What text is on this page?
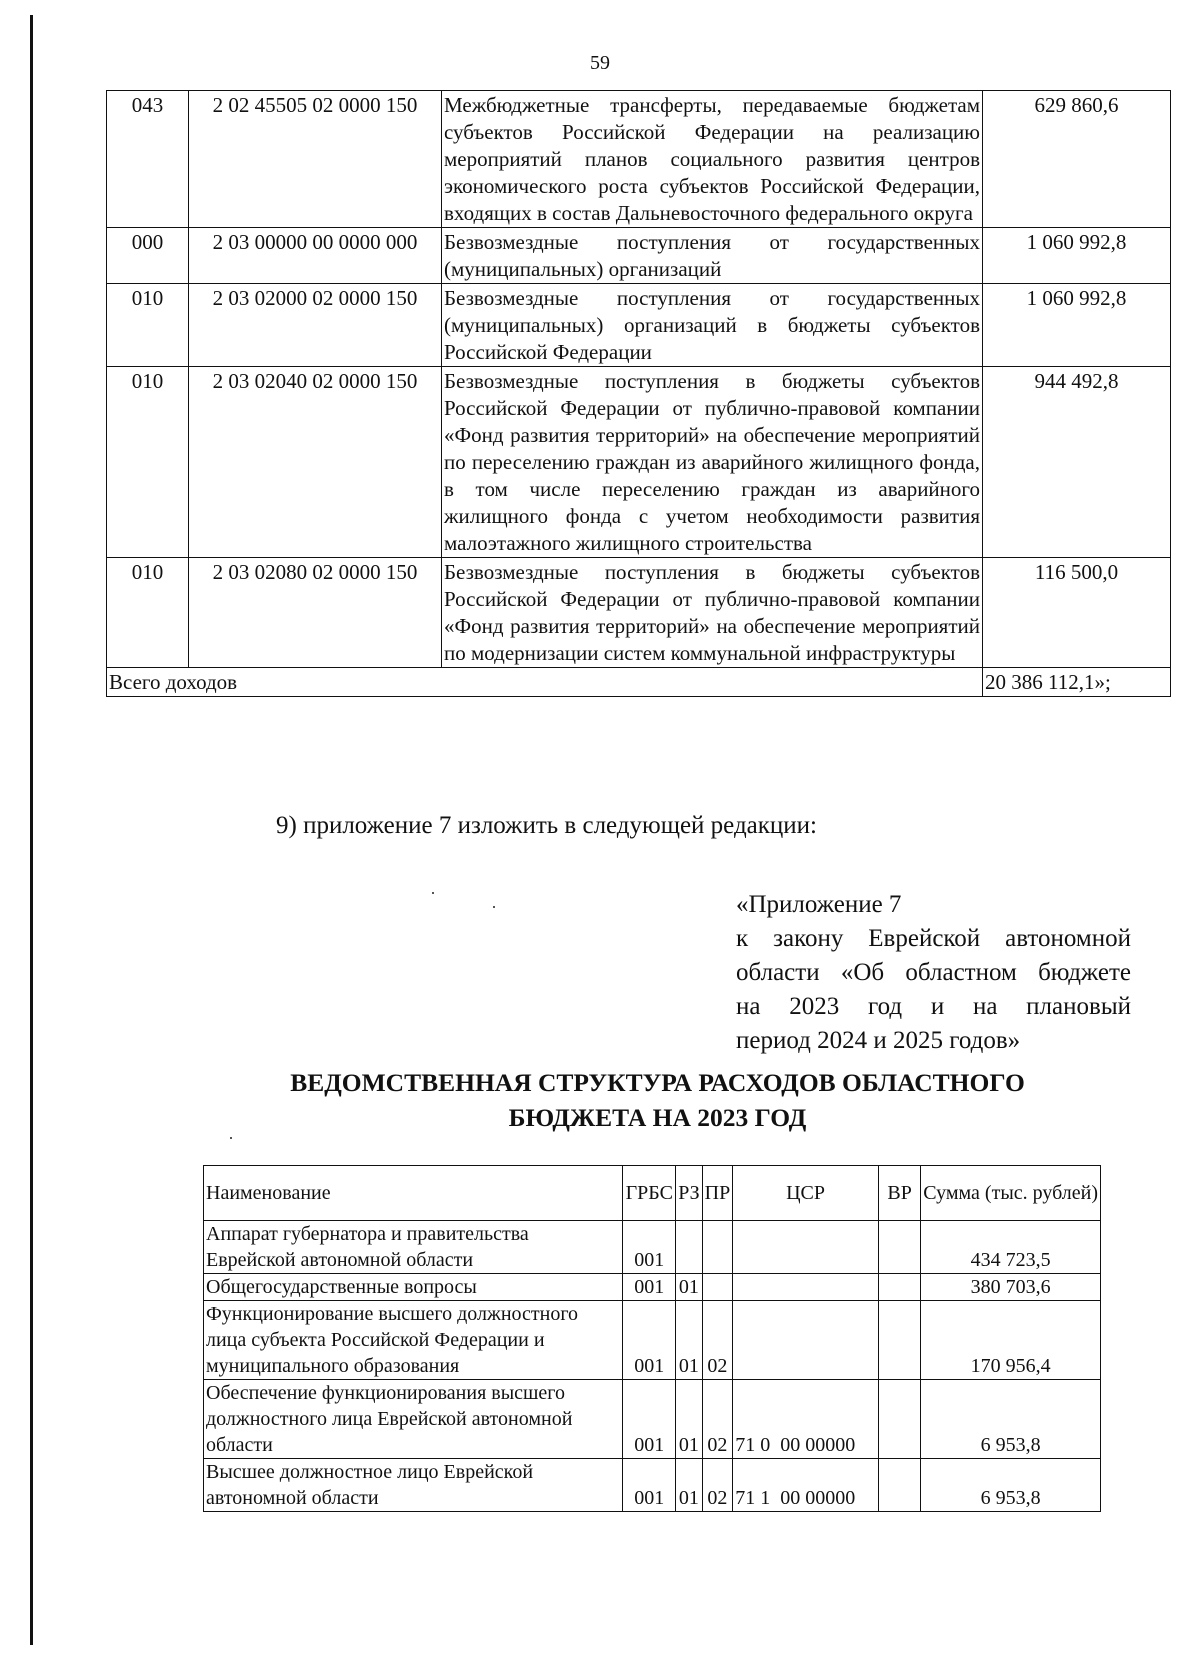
59
043	2 02 45505 02 0000 150	Межбюджетные трансферты, передаваемые бюджетам субъектов Российской Федерации на реализацию мероприятий планов социального развития центров экономического роста субъектов Российской Федерации, входящих в состав Дальневосточного федерального округа	629 860,6
000	2 03 00000 00 0000 000	Безвозмездные поступления от государственных (муниципальных) организаций	1 060 992,8
010	2 03 02000 02 0000 150	Безвозмездные поступления от государственных (муниципальных) организаций в бюджеты субъектов Российской Федерации	1 060 992,8
010	2 03 02040 02 0000 150	Безвозмездные поступления в бюджеты субъектов Российской Федерации от публично-правовой компании «Фонд развития территорий» на обеспечение мероприятий по переселению граждан из аварийного жилищного фонда, в том числе переселению граждан из аварийного жилищного фонда с учетом необходимости развития малоэтажного жилищного строительства	944 492,8
010	2 03 02080 02 0000 150	Безвозмездные поступления в бюджеты субъектов Российской Федерации от публично-правовой компании «Фонд развития территорий» на обеспечение мероприятий по модернизации систем коммунальной инфраструктуры	116 500,0
Всего доходов			20 386 112,1»;
9) приложение 7 изложить в следующей редакции:
«Приложение 7
к закону Еврейской автономной
области «Об областном бюджете
на 2023 год и на плановый
период 2024 и 2025 годов»
ВЕДОМСТВЕННАЯ СТРУКТУРА РАСХОДОВ ОБЛАСТНОГО
БЮДЖЕТА НА 2023 ГОД
Наименование	ГРБС	РЗ	ПР	ЦСР	ВР	Сумма (тыс. рублей)
Аппарат губернатора и правительства Еврейской автономной области	001					434 723,5
Общегосударственные вопросы	001	01				380 703,6
Функционирование высшего должностного лица субъекта Российской Федерации и муниципального образования	001	01	02			170 956,4
Обеспечение функционирования высшего должностного лица Еврейской автономной области	001	01	02	71 0  00 00000		6 953,8
Высшее должностное лицо Еврейской автономной области	001	01	02	71 1  00 00000		6 953,8
